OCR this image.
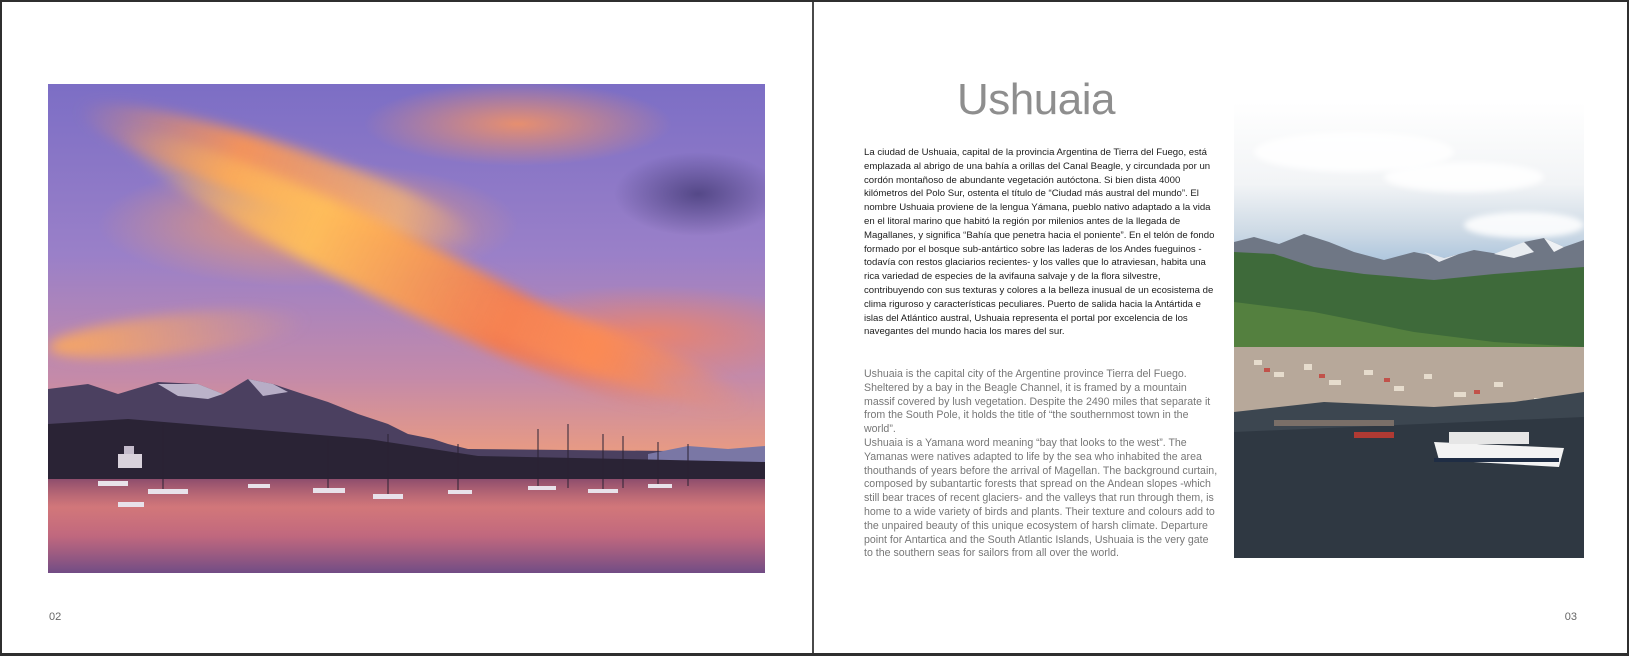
02
Ushuaia

La ciudad de Ushuaia, capital de la provincia Argentina de Tierra del Fuego, está emplazada al abrigo de una bahía a orillas del Canal Beagle, y circundada por un cordón montañoso de abundante vegetación autóctona. Si bien dista 4000 kilómetros del Polo Sur, ostenta el título de “Ciudad más austral del mundo”. El nombre Ushuaia proviene de la lengua Yámana, pueblo nativo adaptado a la vida en el litoral marino que habitó la región por milenios antes de la llegada de Magallanes, y significa “Bahía que penetra hacia el poniente”. En el telón de fondo formado por el bosque sub-antártico sobre las laderas de los Andes fueguinos -todavía con restos glaciarios recientes- y los valles que lo atraviesan, habita una rica variedad de especies de la avifauna salvaje y de la flora silvestre, contribuyendo con sus texturas y colores a la belleza inusual de un ecosistema de clima riguroso y características peculiares. Puerto de salida hacia la Antártida e islas del Atlántico austral, Ushuaia representa el portal por excelencia de los navegantes del mundo hacia los mares del sur.

Ushuaia is the capital city of the Argentine province Tierra del Fuego. Sheltered by a bay in the Beagle Channel, it is framed by a mountain massif covered by lush vegetation. Despite the 2490 miles that separate it from the South Pole, it holds the title of “the southernmost town in the world”.
Ushuaia is a Yamana word meaning “bay that looks to the west”. The Yamanas were natives adapted to life by the sea who inhabited the area thouthands of years before the arrival of Magellan. The background curtain, composed by subantartic forests that spread on the Andean slopes -which still bear traces of recent glaciers- and the valleys that run through them, is home to a wide variety of birds and plants. Their texture and colours add to the unpaired beauty of this unique ecosystem of harsh climate. Departure point for Antartica and the South Atlantic Islands, Ushuaia is the very gate to the southern seas for sailors from all over the world.
03
